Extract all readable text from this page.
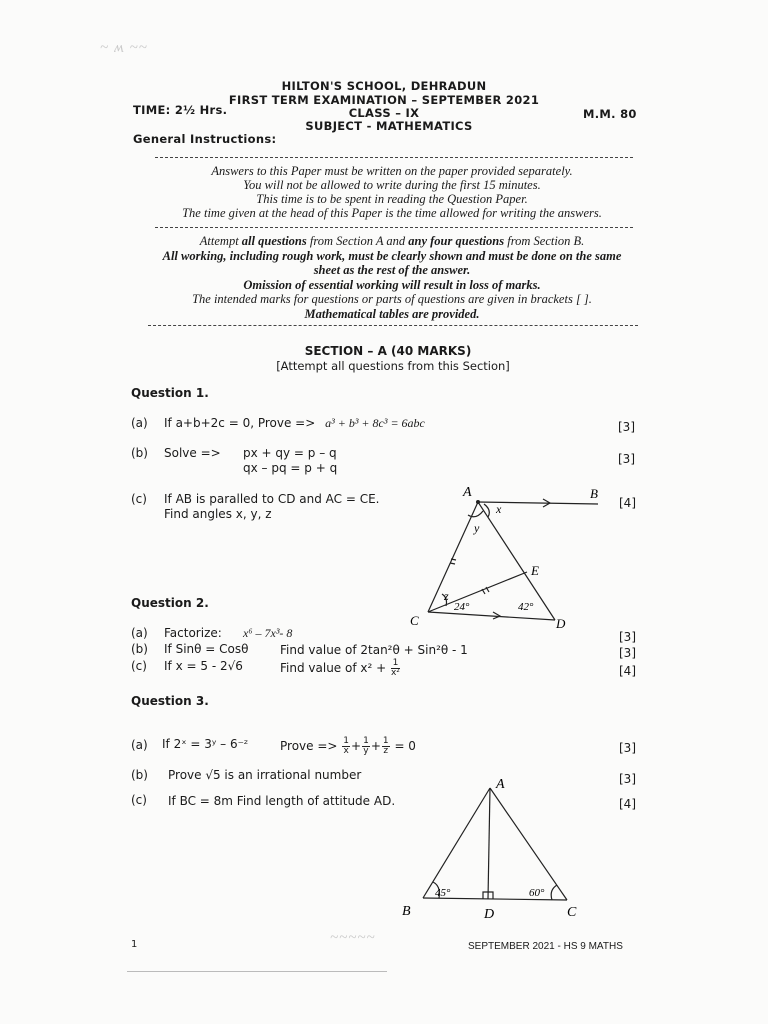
~ ʍ ~~
~~~~~
HILTON'S SCHOOL, DEHRADUN
FIRST TERM EXAMINATION – SEPTEMBER 2021
TIME: 2½ Hrs.	CLASS – IX	M.M. 80
SUBJECT - MATHEMATICS
General Instructions:
Answers to this Paper must be written on the paper provided separately.
You will not be allowed to write during the first 15 minutes.
This time is to be spent in reading the Question Paper.
The time given at the head of this Paper is the time allowed for writing the answers.
Attempt all questions from Section A and any four questions from Section B.
All working, including rough work, must be clearly shown and must be done on the same
sheet as the rest of the answer.
Omission of essential working will result in loss of marks.
The intended marks for questions or parts of questions are given in brackets [ ].
Mathematical tables are provided.
SECTION – A (40 MARKS)
[Attempt all questions from this Section]
Question 1.
(a) If a+b+2c = 0, Prove => a³ + b³ + 8c³ = 6abc	[3]
(b) Solve => px + qy = p – q
qx – pq = p + q
[3]
(c) If AB is paralled to CD and AC = CE.
Find angles x, y, z
[4]
A	B
C	D
E
x
y
z
24°	42°
Question 2.
(a) Factorize: x⁶ – 7x³- 8	[3]
(b) If Sinθ = Cosθ	Find value of 2tan²θ + Sin²θ - 1	[3]
(c) If x = 5 - 2√6	Find value of $x^2 + \frac{1}{\text{x²}}$	[4]
Question 3.
(a) If 2ˣ = 3ʸ – 6⁻ᶻ	Prove => $\frac{1}{x} + \frac{1}{y} + \frac{1}{z} = 0$	[3]
(b) Prove √5 is an irrational number	[3]
(c) If BC = 8m Find length of attitude AD.	[4]
A
B	C
D
45°	60°
1	SEPTEMBER 2021 - HS 9 MATHS
